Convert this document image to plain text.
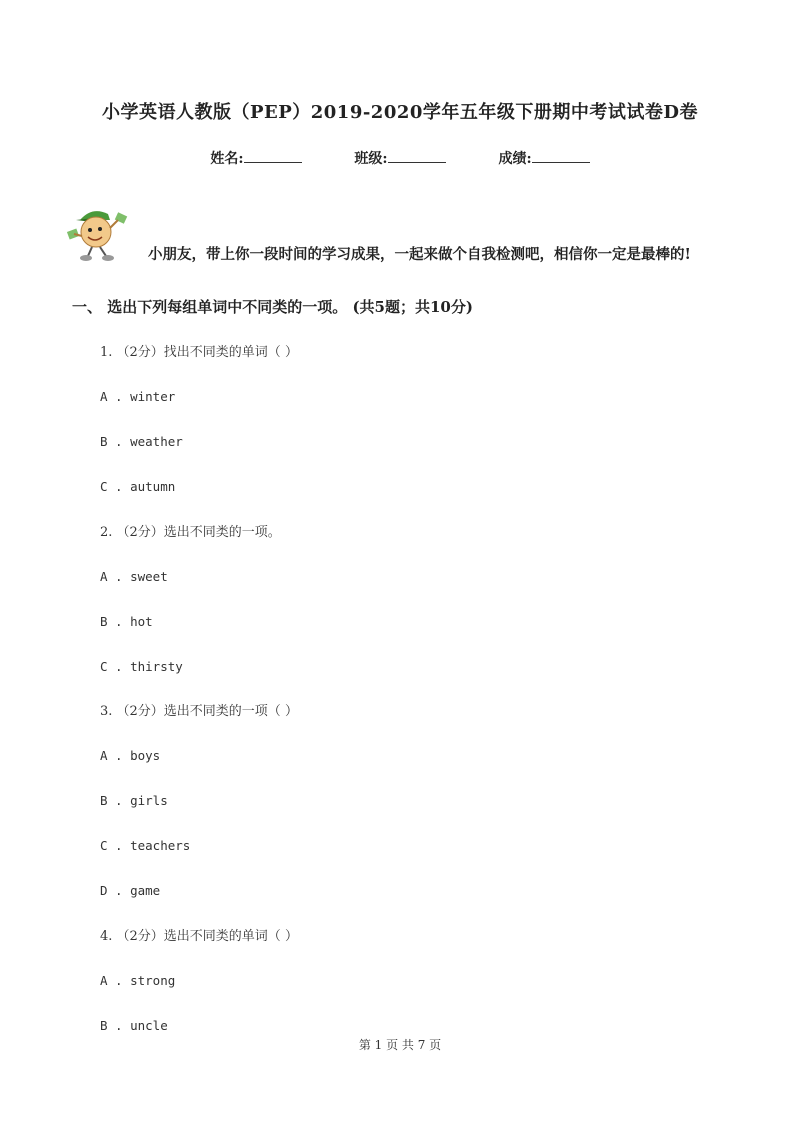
小学英语人教版（PEP）2019-2020学年五年级下册期中考试试卷D卷
姓名:	班级:	成绩:
小朋友，带上你一段时间的学习成果，一起来做个自我检测吧，相信你一定是最棒的!
一、 选出下列每组单词中不同类的一项。 (共5题；共10分)
1. （2分）找出不同类的单词（ ）
A . winter
B . weather
C . autumn
2. （2分）选出不同类的一项。
A . sweet
B . hot
C . thirsty
3. （2分）选出不同类的一项（ ）
A . boys
B . girls
C . teachers
D . game
4. （2分）选出不同类的单词（ ）
A . strong
B . uncle
第 1 页 共 7 页
